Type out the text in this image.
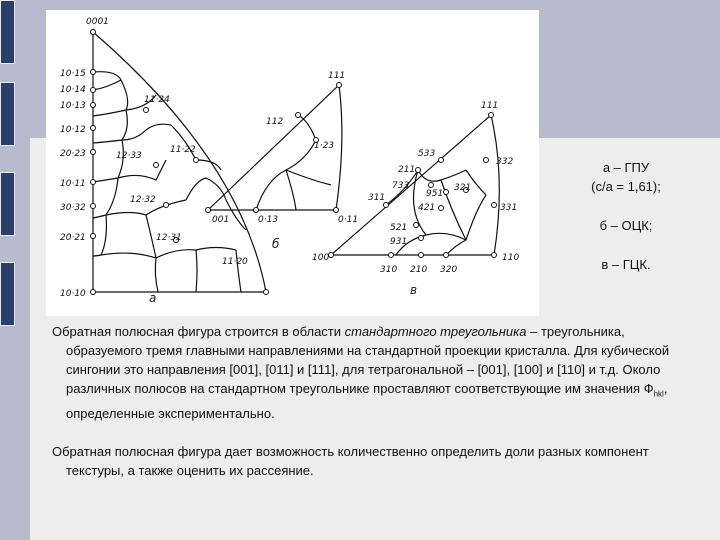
0001
10·15
10·14
10·13
10·12
20·23
10·11
30·32
20·21
10·10
11·24
12·33
11·22
12·32
12·31
11·20
а
111
112
1·23
001	0·13	0·11
б
111
533
332
211
733
951
321
311
421	331
521
931
100
310 210 320
110
в
а – ГПУ
(c/a = 1,61);
б – ОЦК;
в – ГЦК.

Обратная полюсная фигура строится в области стандартного треугольника – треугольника, образуемого тремя главными направлениями на стандартной проекции кристалла. Для кубической сингонии это направления [001], [011] и [111], для тетрагональной – [001], [100] и [110] и т.д. Около различных полюсов на стандартном треугольнике проставляют соответствующие им значения $Ф_{hkl}$, определенные экспериментально.

Обратная полюсная фигура дает возможность количественно определить доли разных компонент текстуры, а также оценить их рассеяние.
